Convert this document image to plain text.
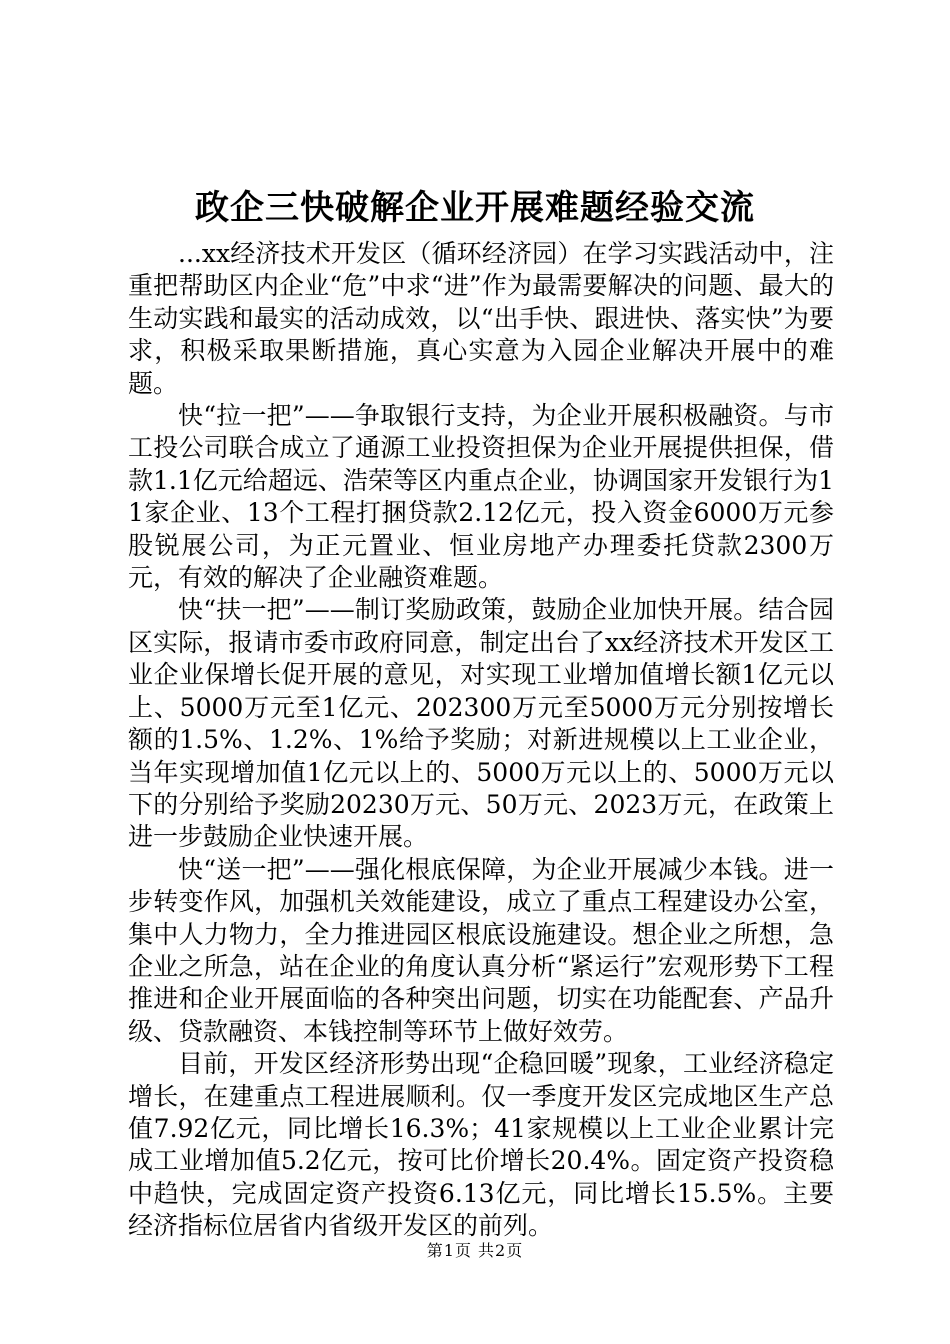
政企三快破解企业开展难题经验交流

...xx经济技术开发区（循环经济园）在学习实践活动中，注重把帮助区内企业“危”中求“进”作为最需要解决的问题、最大的生动实践和最实的活动成效，以“出手快、跟进快、落实快”为要求，积极采取果断措施，真心实意为入园企业解决开展中的难题。

快“拉一把”——争取银行支持，为企业开展积极融资。与市工投公司联合成立了通源工业投资担保为企业开展提供担保，借款1.1亿元给超远、浩荣等区内重点企业，协调国家开发银行为11家企业、13个工程打捆贷款2.12亿元，投入资金6000万元参股锐展公司，为正元置业、恒业房地产办理委托贷款2300万元，有效的解决了企业融资难题。

快“扶一把”——制订奖励政策，鼓励企业加快开展。结合园区实际，报请市委市政府同意，制定出台了xx经济技术开发区工业企业保增长促开展的意见，对实现工业增加值增长额1亿元以上、5000万元至1亿元、202300万元至5000万元分别按增长额的1.5%、1.2%、1%给予奖励；对新进规模以上工业企业，当年实现增加值1亿元以上的、5000万元以上的、5000万元以下的分别给予奖励20230万元、50万元、2023万元，在政策上进一步鼓励企业快速开展。

快“送一把”——强化根底保障，为企业开展减少本钱。进一步转变作风，加强机关效能建设，成立了重点工程建设办公室，集中人力物力，全力推进园区根底设施建设。想企业之所想，急企业之所急，站在企业的角度认真分析“紧运行”宏观形势下工程推进和企业开展面临的各种突出问题，切实在功能配套、产品升级、贷款融资、本钱控制等环节上做好效劳。

目前，开发区经济形势出现“企稳回暖”现象，工业经济稳定增长，在建重点工程进展顺利。仅一季度开发区完成地区生产总值7.92亿元，同比增长16.3%；41家规模以上工业企业累计完成工业增加值5.2亿元，按可比价增长20.4%。固定资产投资稳中趋快，完成固定资产投资6.13亿元，同比增长15.5%。主要经济指标位居省内省级开发区的前列。

第1页 共2页
